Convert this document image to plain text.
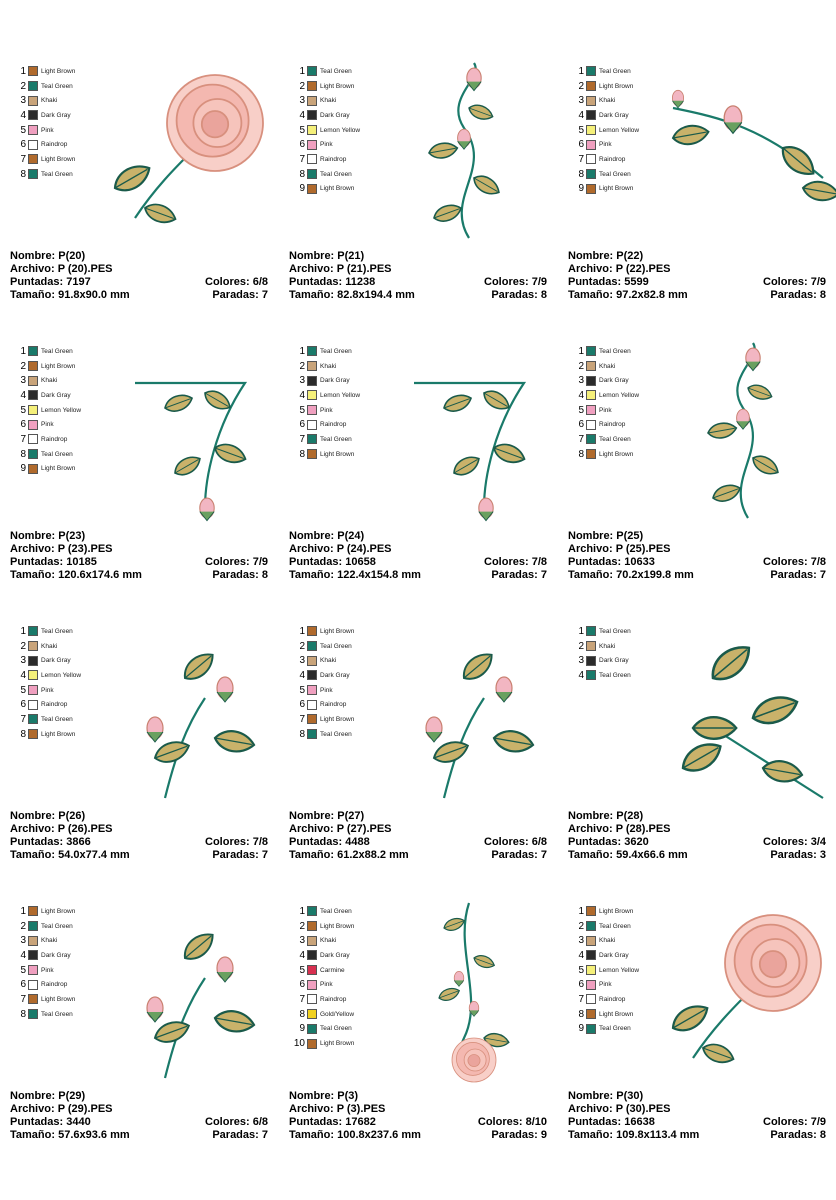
1 Light Brown
2 Teal Green
3 Khaki
4 Dark Gray
5 Pink
6 Raindrop
7 Light Brown
8 Teal Green
Nombre: P(20)
Archivo: P (20).PES
Puntadas: 7197	Colores: 6/8
Tamaño: 91.8x90.0 mm	Paradas: 7
1 Teal Green
2 Light Brown
3 Khaki
4 Dark Gray
5 Lemon Yellow
6 Pink
7 Raindrop
8 Teal Green
9 Light Brown
Nombre: P(21)
Archivo: P (21).PES
Puntadas: 11238	Colores: 7/9
Tamaño: 82.8x194.4 mm	Paradas: 8
1 Teal Green
2 Light Brown
3 Khaki
4 Dark Gray
5 Lemon Yellow
6 Pink
7 Raindrop
8 Teal Green
9 Light Brown
Nombre: P(22)
Archivo: P (22).PES
Puntadas: 5599	Colores: 7/9
Tamaño: 97.2x82.8 mm	Paradas: 8
1 Teal Green
2 Light Brown
3 Khaki
4 Dark Gray
5 Lemon Yellow
6 Pink
7 Raindrop
8 Teal Green
9 Light Brown
Nombre: P(23)
Archivo: P (23).PES
Puntadas: 10185	Colores: 7/9
Tamaño: 120.6x174.6 mm	Paradas: 8
1 Teal Green
2 Khaki
3 Dark Gray
4 Lemon Yellow
5 Pink
6 Raindrop
7 Teal Green
8 Light Brown
Nombre: P(24)
Archivo: P (24).PES
Puntadas: 10658	Colores: 7/8
Tamaño: 122.4x154.8 mm	Paradas: 7
1 Teal Green
2 Khaki
3 Dark Gray
4 Lemon Yellow
5 Pink
6 Raindrop
7 Teal Green
8 Light Brown
Nombre: P(25)
Archivo: P (25).PES
Puntadas: 10633	Colores: 7/8
Tamaño: 70.2x199.8 mm	Paradas: 7
1 Teal Green
2 Khaki
3 Dark Gray
4 Lemon Yellow
5 Pink
6 Raindrop
7 Teal Green
8 Light Brown
Nombre: P(26)
Archivo: P (26).PES
Puntadas: 3866	Colores: 7/8
Tamaño: 54.0x77.4 mm	Paradas: 7
1 Light Brown
2 Teal Green
3 Khaki
4 Dark Gray
5 Pink
6 Raindrop
7 Light Brown
8 Teal Green
Nombre: P(27)
Archivo: P (27).PES
Puntadas: 4488	Colores: 6/8
Tamaño: 61.2x88.2 mm	Paradas: 7
1 Teal Green
2 Khaki
3 Dark Gray
4 Teal Green
Nombre: P(28)
Archivo: P (28).PES
Puntadas: 3620	Colores: 3/4
Tamaño: 59.4x66.6 mm	Paradas: 3
1 Light Brown
2 Teal Green
3 Khaki
4 Dark Gray
5 Pink
6 Raindrop
7 Light Brown
8 Teal Green
Nombre: P(29)
Archivo: P (29).PES
Puntadas: 3440	Colores: 6/8
Tamaño: 57.6x93.6 mm	Paradas: 7
1 Teal Green
2 Light Brown
3 Khaki
4 Dark Gray
5 Carmine
6 Pink
7 Raindrop
8 Gold/Yellow
9 Teal Green
10 Light Brown
Nombre: P(3)
Archivo: P (3).PES
Puntadas: 17682	Colores: 8/10
Tamaño: 100.8x237.6 mm	Paradas: 9
1 Light Brown
2 Teal Green
3 Khaki
4 Dark Gray
5 Lemon Yellow
6 Pink
7 Raindrop
8 Light Brown
9 Teal Green
Nombre: P(30)
Archivo: P (30).PES
Puntadas: 16638	Colores: 7/9
Tamaño: 109.8x113.4 mm	Paradas: 8
